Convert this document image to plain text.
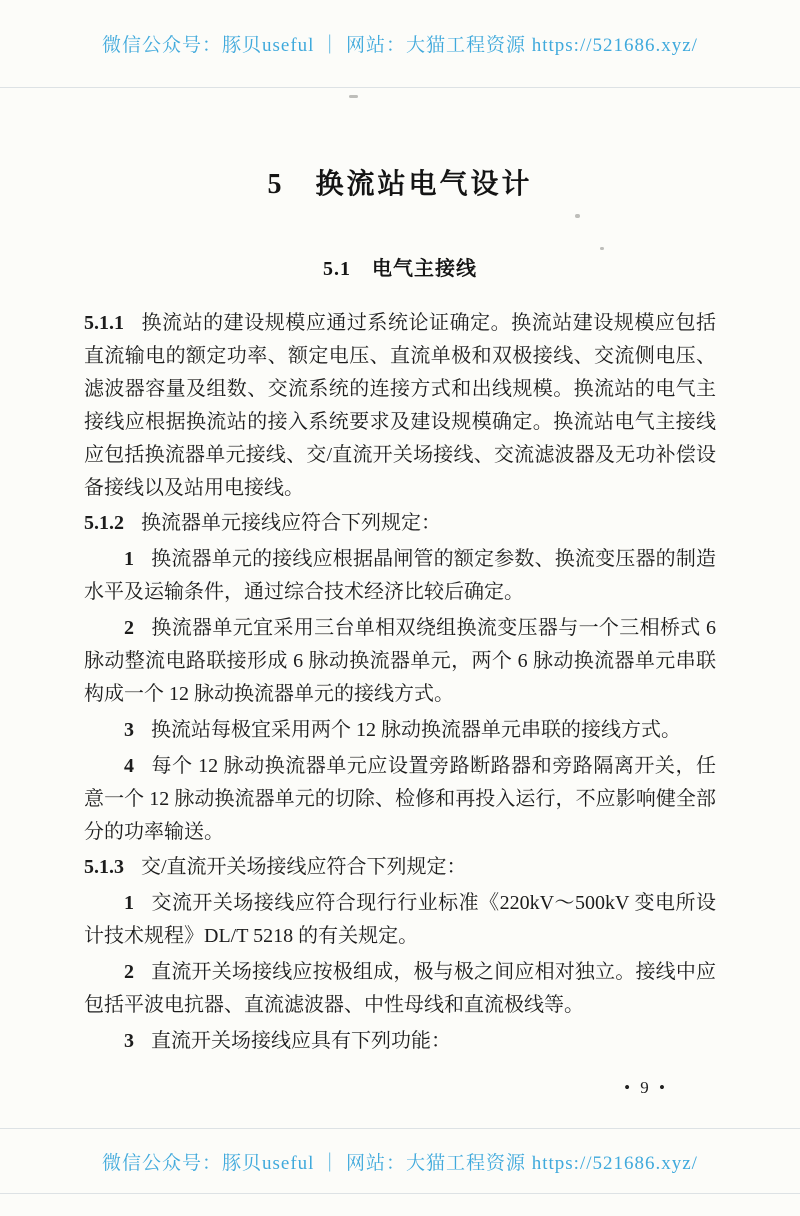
微信公众号：豚贝useful ｜ 网站：大猫工程资源 https://521686.xyz/
5　换流站电气设计
5.1　电气主接线

5.1.1 换流站的建设规模应通过系统论证确定。换流站建设规模应包括直流输电的额定功率、额定电压、直流单极和双极接线、交流侧电压、滤波器容量及组数、交流系统的连接方式和出线规模。换流站的电气主接线应根据换流站的接入系统要求及建设规模确定。换流站电气主接线应包括换流器单元接线、交/直流开关场接线、交流滤波器及无功补偿设备接线以及站用电接线。

5.1.2 换流器单元接线应符合下列规定：

1 换流器单元的接线应根据晶闸管的额定参数、换流变压器的制造水平及运输条件，通过综合技术经济比较后确定。

2 换流器单元宜采用三台单相双绕组换流变压器与一个三相桥式 6 脉动整流电路联接形成 6 脉动换流器单元，两个 6 脉动换流器单元串联构成一个 12 脉动换流器单元的接线方式。

3 换流站每极宜采用两个 12 脉动换流器单元串联的接线方式。

4 每个 12 脉动换流器单元应设置旁路断路器和旁路隔离开关，任意一个 12 脉动换流器单元的切除、检修和再投入运行，不应影响健全部分的功率输送。

5.1.3 交/直流开关场接线应符合下列规定：

1 交流开关场接线应符合现行行业标准《220kV～500kV 变电所设计技术规程》DL/T 5218 的有关规定。

2 直流开关场接线应按极组成，极与极之间应相对独立。接线中应包括平波电抗器、直流滤波器、中性母线和直流极线等。

3 直流开关场接线应具有下列功能：

• 9 •
微信公众号：豚贝useful ｜ 网站：大猫工程资源 https://521686.xyz/
